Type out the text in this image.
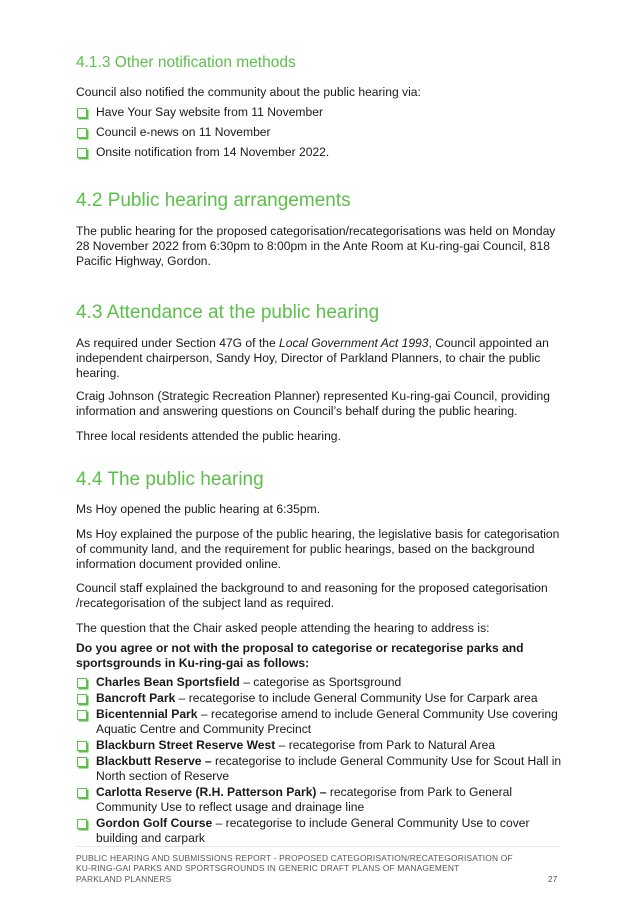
4.1.3 Other notification methods

Council also notified the community about the public hearing via:

Have Your Say website from 11 November
Council e-news on 11 November
Onsite notification from 14 November 2022.
4.2 Public hearing arrangements

The public hearing for the proposed categorisation/recategorisations was held on Monday 28 November 2022 from 6:30pm to 8:00pm in the Ante Room at Ku-ring-gai Council, 818 Pacific Highway, Gordon.

4.3 Attendance at the public hearing

As required under Section 47G of the Local Government Act 1993, Council appointed an independent chairperson, Sandy Hoy, Director of Parkland Planners, to chair the public hearing.

Craig Johnson (Strategic Recreation Planner) represented Ku-ring-gai Council, providing information and answering questions on Council’s behalf during the public hearing.

Three local residents attended the public hearing.

4.4 The public hearing

Ms Hoy opened the public hearing at 6:35pm.

Ms Hoy explained the purpose of the public hearing, the legislative basis for categorisation of community land, and the requirement for public hearings, based on the background information document provided online.

Council staff explained the background to and reasoning for the proposed categorisation /recategorisation of the subject land as required.

The question that the Chair asked people attending the hearing to address is:

Do you agree or not with the proposal to categorise or recategorise parks and sportsgrounds in Ku-ring-gai as follows:

Charles Bean Sportsfield – categorise as Sportsground
Bancroft Park – recategorise to include General Community Use for Carpark area
Bicentennial Park – recategorise amend to include General Community Use covering Aquatic Centre and Community Precinct
Blackburn Street Reserve West – recategorise from Park to Natural Area
Blackbutt Reserve – recategorise to include General Community Use for Scout Hall in North section of Reserve
Carlotta Reserve (R.H. Patterson Park) – recategorise from Park to General Community Use to reflect usage and drainage line
Gordon Golf Course – recategorise to include General Community Use to cover building and carpark
PUBLIC HEARING AND SUBMISSIONS REPORT - PROPOSED CATEGORISATION/RECATEGORISATION OF
KU-RING-GAI PARKS AND SPORTSGROUNDS IN GENERIC DRAFT PLANS OF MANAGEMENT
PARKLAND PLANNERS	27
